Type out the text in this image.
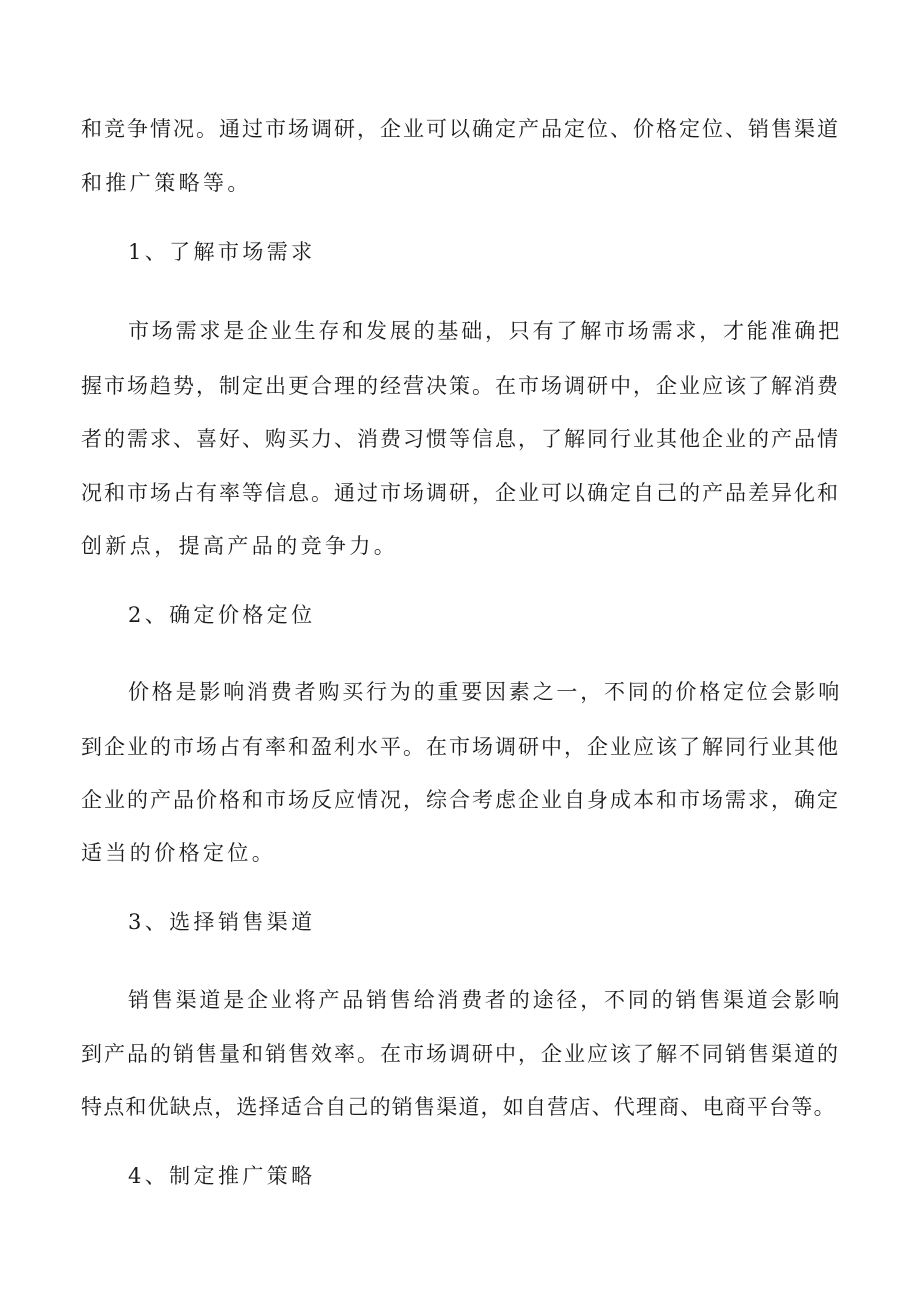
和竞争情况。通过市场调研，企业可以确定产品定位、价格定位、销售渠道

和推广策略等。

1、了解市场需求

市场需求是企业生存和发展的基础，只有了解市场需求，才能准确把

握市场趋势，制定出更合理的经营决策。在市场调研中，企业应该了解消费

者的需求、喜好、购买力、消费习惯等信息，了解同行业其他企业的产品情

况和市场占有率等信息。通过市场调研，企业可以确定自己的产品差异化和

创新点，提高产品的竞争力。

2、确定价格定位

价格是影响消费者购买行为的重要因素之一，不同的价格定位会影响

到企业的市场占有率和盈利水平。在市场调研中，企业应该了解同行业其他

企业的产品价格和市场反应情况，综合考虑企业自身成本和市场需求，确定

适当的价格定位。

3、选择销售渠道

销售渠道是企业将产品销售给消费者的途径，不同的销售渠道会影响

到产品的销售量和销售效率。在市场调研中，企业应该了解不同销售渠道的

特点和优缺点，选择适合自己的销售渠道，如自营店、代理商、电商平台等。

4、制定推广策略
